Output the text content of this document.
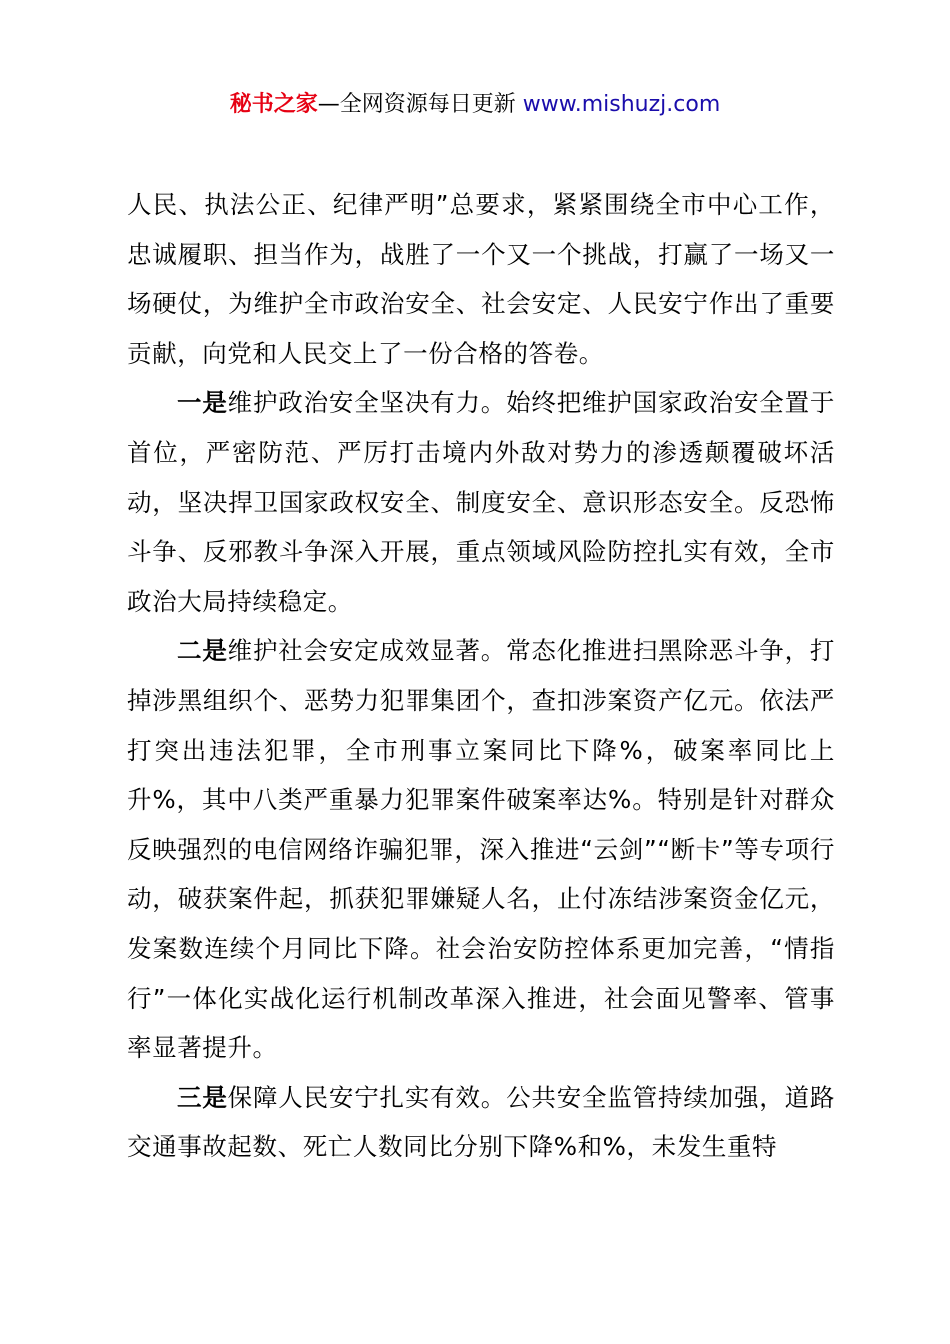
秘书之家—全网资源每日更新 www.mishuzj.com

人民、执法公正、纪律严明”总要求，紧紧围绕全市中心工作，忠诚履职、担当作为，战胜了一个又一个挑战，打赢了一场又一场硬仗，为维护全市政治安全、社会安定、人民安宁作出了重要贡献，向党和人民交上了一份合格的答卷。

一是维护政治安全坚决有力。始终把维护国家政治安全置于首位，严密防范、严厉打击境内外敌对势力的渗透颠覆破坏活动，坚决捍卫国家政权安全、制度安全、意识形态安全。反恐怖斗争、反邪教斗争深入开展，重点领域风险防控扎实有效，全市政治大局持续稳定。

二是维护社会安定成效显著。常态化推进扫黑除恶斗争，打掉涉黑组织个、恶势力犯罪集团个，查扣涉案资产亿元。依法严打突出违法犯罪，全市刑事立案同比下降%，破案率同比上升%，其中八类严重暴力犯罪案件破案率达%。特别是针对群众反映强烈的电信网络诈骗犯罪，深入推进“云剑”“断卡”等专项行动，破获案件起，抓获犯罪嫌疑人名，止付冻结涉案资金亿元，发案数连续个月同比下降。社会治安防控体系更加完善，“情指行”一体化实战化运行机制改革深入推进，社会面见警率、管事率显著提升。

三是保障人民安宁扎实有效。公共安全监管持续加强，道路交通事故起数、死亡人数同比分别下降%和%，未发生重特
